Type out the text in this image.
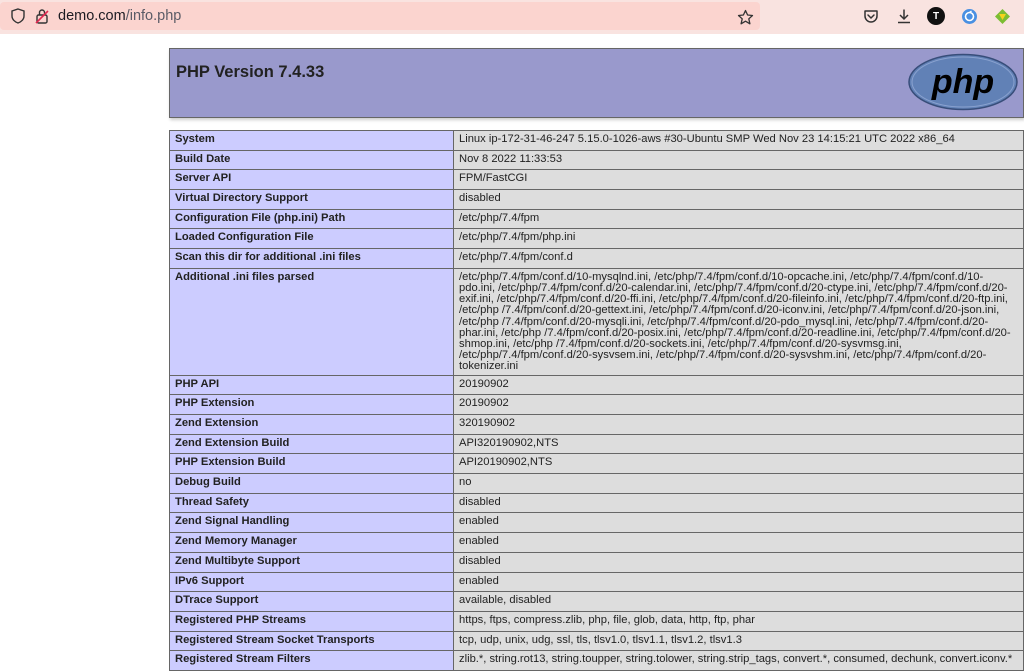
demo.com/info.php	T
PHP Version 7.4.33	php
System	Linux ip-172-31-46-247 5.15.0-1026-aws #30-Ubuntu SMP Wed Nov 23 14:15:21 UTC 2022 x86_64
Build Date	Nov 8 2022 11:33:53
Server API	FPM/FastCGI
Virtual Directory Support	disabled
Configuration File (php.ini) Path	/etc/php/7.4/fpm
Loaded Configuration File	/etc/php/7.4/fpm/php.ini
Scan this dir for additional .ini files	/etc/php/7.4/fpm/conf.d
Additional .ini files parsed	/etc/php/7.4/fpm/conf.d/10-mysqlnd.ini, /etc/php/7.4/fpm/conf.d/10-opcache.ini, /etc/php/7.4/fpm/conf.d/10-pdo.ini, /etc/php/7.4/fpm/conf.d/20-calendar.ini, /etc/php/7.4/fpm/conf.d/20-ctype.ini, /etc/php/7.4/fpm/conf.d/20-exif.ini, /etc/php/7.4/fpm/conf.d/20-ffi.ini, /etc/php/7.4/fpm/conf.d/20-fileinfo.ini, /etc/php/7.4/fpm/conf.d/20-ftp.ini, /etc/php /7.4/fpm/conf.d/20-gettext.ini, /etc/php/7.4/fpm/conf.d/20-iconv.ini, /etc/php/7.4/fpm/conf.d/20-json.ini, /etc/php /7.4/fpm/conf.d/20-mysqli.ini, /etc/php/7.4/fpm/conf.d/20-pdo_mysql.ini, /etc/php/7.4/fpm/conf.d/20-phar.ini, /etc/php /7.4/fpm/conf.d/20-posix.ini, /etc/php/7.4/fpm/conf.d/20-readline.ini, /etc/php/7.4/fpm/conf.d/20-shmop.ini, /etc/php /7.4/fpm/conf.d/20-sockets.ini, /etc/php/7.4/fpm/conf.d/20-sysvmsg.ini, /etc/php/7.4/fpm/conf.d/20-sysvsem.ini, /etc/php/7.4/fpm/conf.d/20-sysvshm.ini, /etc/php/7.4/fpm/conf.d/20-tokenizer.ini
PHP API	20190902
PHP Extension	20190902
Zend Extension	320190902
Zend Extension Build	API320190902,NTS
PHP Extension Build	API20190902,NTS
Debug Build	no
Thread Safety	disabled
Zend Signal Handling	enabled
Zend Memory Manager	enabled
Zend Multibyte Support	disabled
IPv6 Support	enabled
DTrace Support	available, disabled
Registered PHP Streams	https, ftps, compress.zlib, php, file, glob, data, http, ftp, phar
Registered Stream Socket Transports	tcp, udp, unix, udg, ssl, tls, tlsv1.0, tlsv1.1, tlsv1.2, tlsv1.3
Registered Stream Filters	zlib.*, string.rot13, string.toupper, string.tolower, string.strip_tags, convert.*, consumed, dechunk, convert.iconv.*
